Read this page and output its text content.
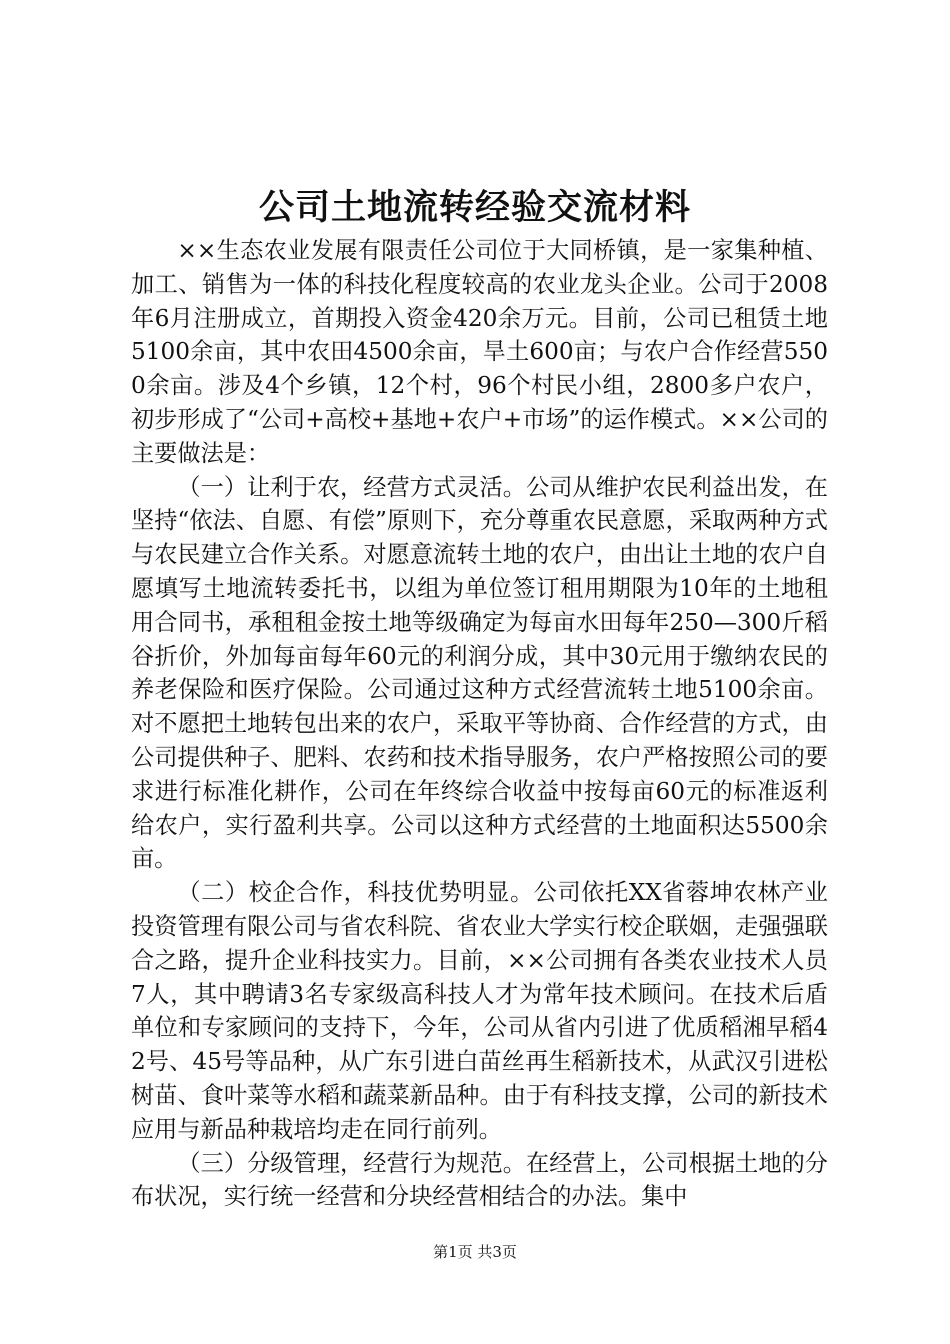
公司土地流转经验交流材料

××生态农业发展有限责任公司位于大同桥镇，是一家集种植、加工、销售为一体的科技化程度较高的农业龙头企业。公司于2008年6月注册成立，首期投入资金420余万元。目前，公司已租赁土地5100余亩，其中农田4500余亩，旱土600亩；与农户合作经营5500余亩。涉及4个乡镇，12个村，96个村民小组，2800多户农户，初步形成了“公司+高校+基地+农户+市场”的运作模式。××公司的主要做法是：

（一）让利于农，经营方式灵活。公司从维护农民利益出发，在坚持“依法、自愿、有偿”原则下，充分尊重农民意愿，采取两种方式与农民建立合作关系。对愿意流转土地的农户，由出让土地的农户自愿填写土地流转委托书，以组为单位签订租用期限为10年的土地租用合同书，承租租金按土地等级确定为每亩水田每年250—300斤稻谷折价，外加每亩每年60元的利润分成，其中30元用于缴纳农民的养老保险和医疗保险。公司通过这种方式经营流转土地5100余亩。对不愿把土地转包出来的农户，采取平等协商、合作经营的方式，由公司提供种子、肥料、农药和技术指导服务，农户严格按照公司的要求进行标准化耕作，公司在年终综合收益中按每亩60元的标准返利给农户，实行盈利共享。公司以这种方式经营的土地面积达5500余亩。

（二）校企合作，科技优势明显。公司依托XX省蓉坤农林产业投资管理有限公司与省农科院、省农业大学实行校企联姻，走强强联合之路，提升企业科技实力。目前，××公司拥有各类农业技术人员7人，其中聘请3名专家级高科技人才为常年技术顾问。在技术后盾单位和专家顾问的支持下，今年，公司从省内引进了优质稻湘早稻42号、45号等品种，从广东引进白苗丝再生稻新技术，从武汉引进松树苗、食叶菜等水稻和蔬菜新品种。由于有科技支撑，公司的新技术应用与新品种栽培均走在同行前列。

（三）分级管理，经营行为规范。在经营上，公司根据土地的分布状况，实行统一经营和分块经营相结合的办法。集中

第1页 共3页
